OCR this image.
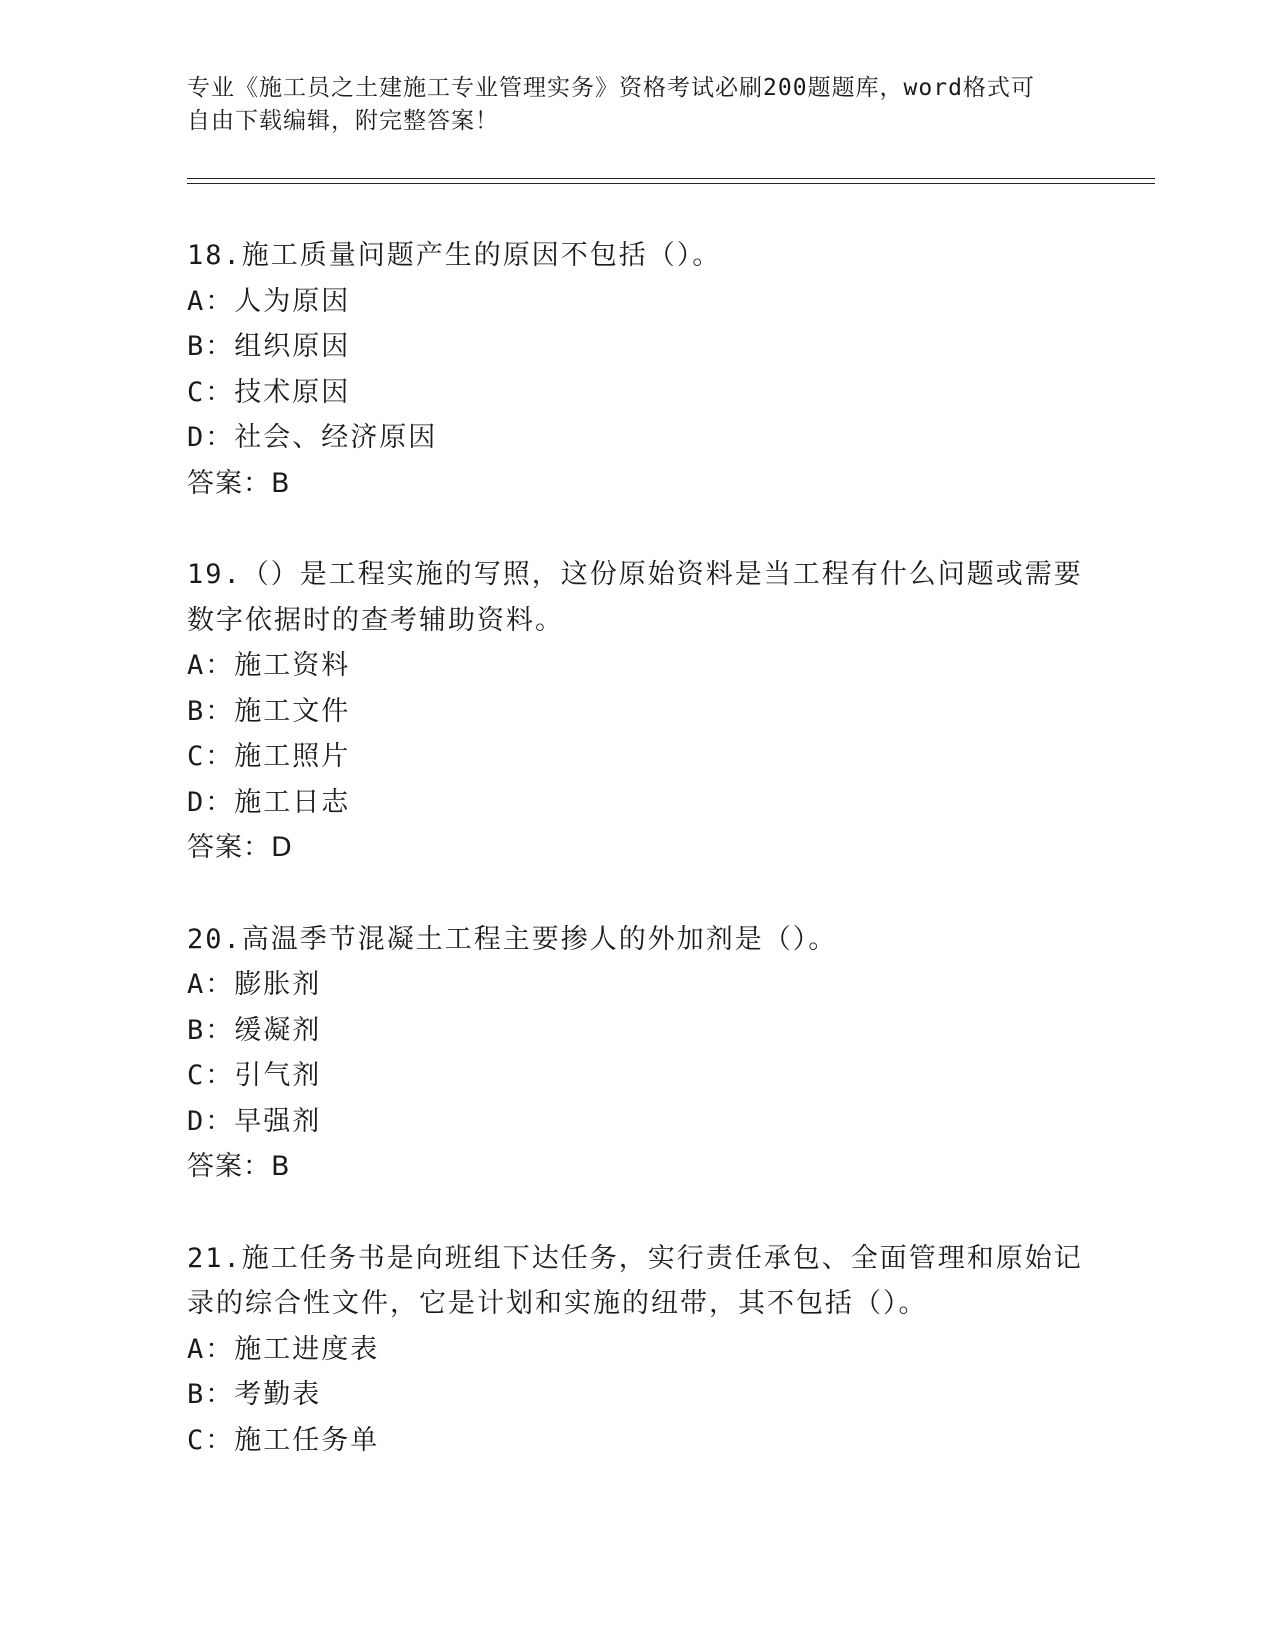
专业《施工员之土建施工专业管理实务》资格考试必刷200题题库，word格式可
自由下载编辑，附完整答案！

18.施工质量问题产生的原因不包括（）。

A：人为原因

B：组织原因

C：技术原因

D：社会、经济原因

答案：B

19.（）是工程实施的写照，这份原始资料是当工程有什么问题或需要

数字依据时的查考辅助资料。

A：施工资料

B：施工文件

C：施工照片

D：施工日志

答案：D

20.高温季节混凝土工程主要掺人的外加剂是（）。

A：膨胀剂

B：缓凝剂

C：引气剂

D：早强剂

答案：B

21.施工任务书是向班组下达任务，实行责任承包、全面管理和原始记

录的综合性文件，它是计划和实施的纽带，其不包括（）。

A：施工进度表

B：考勤表

C：施工任务单
